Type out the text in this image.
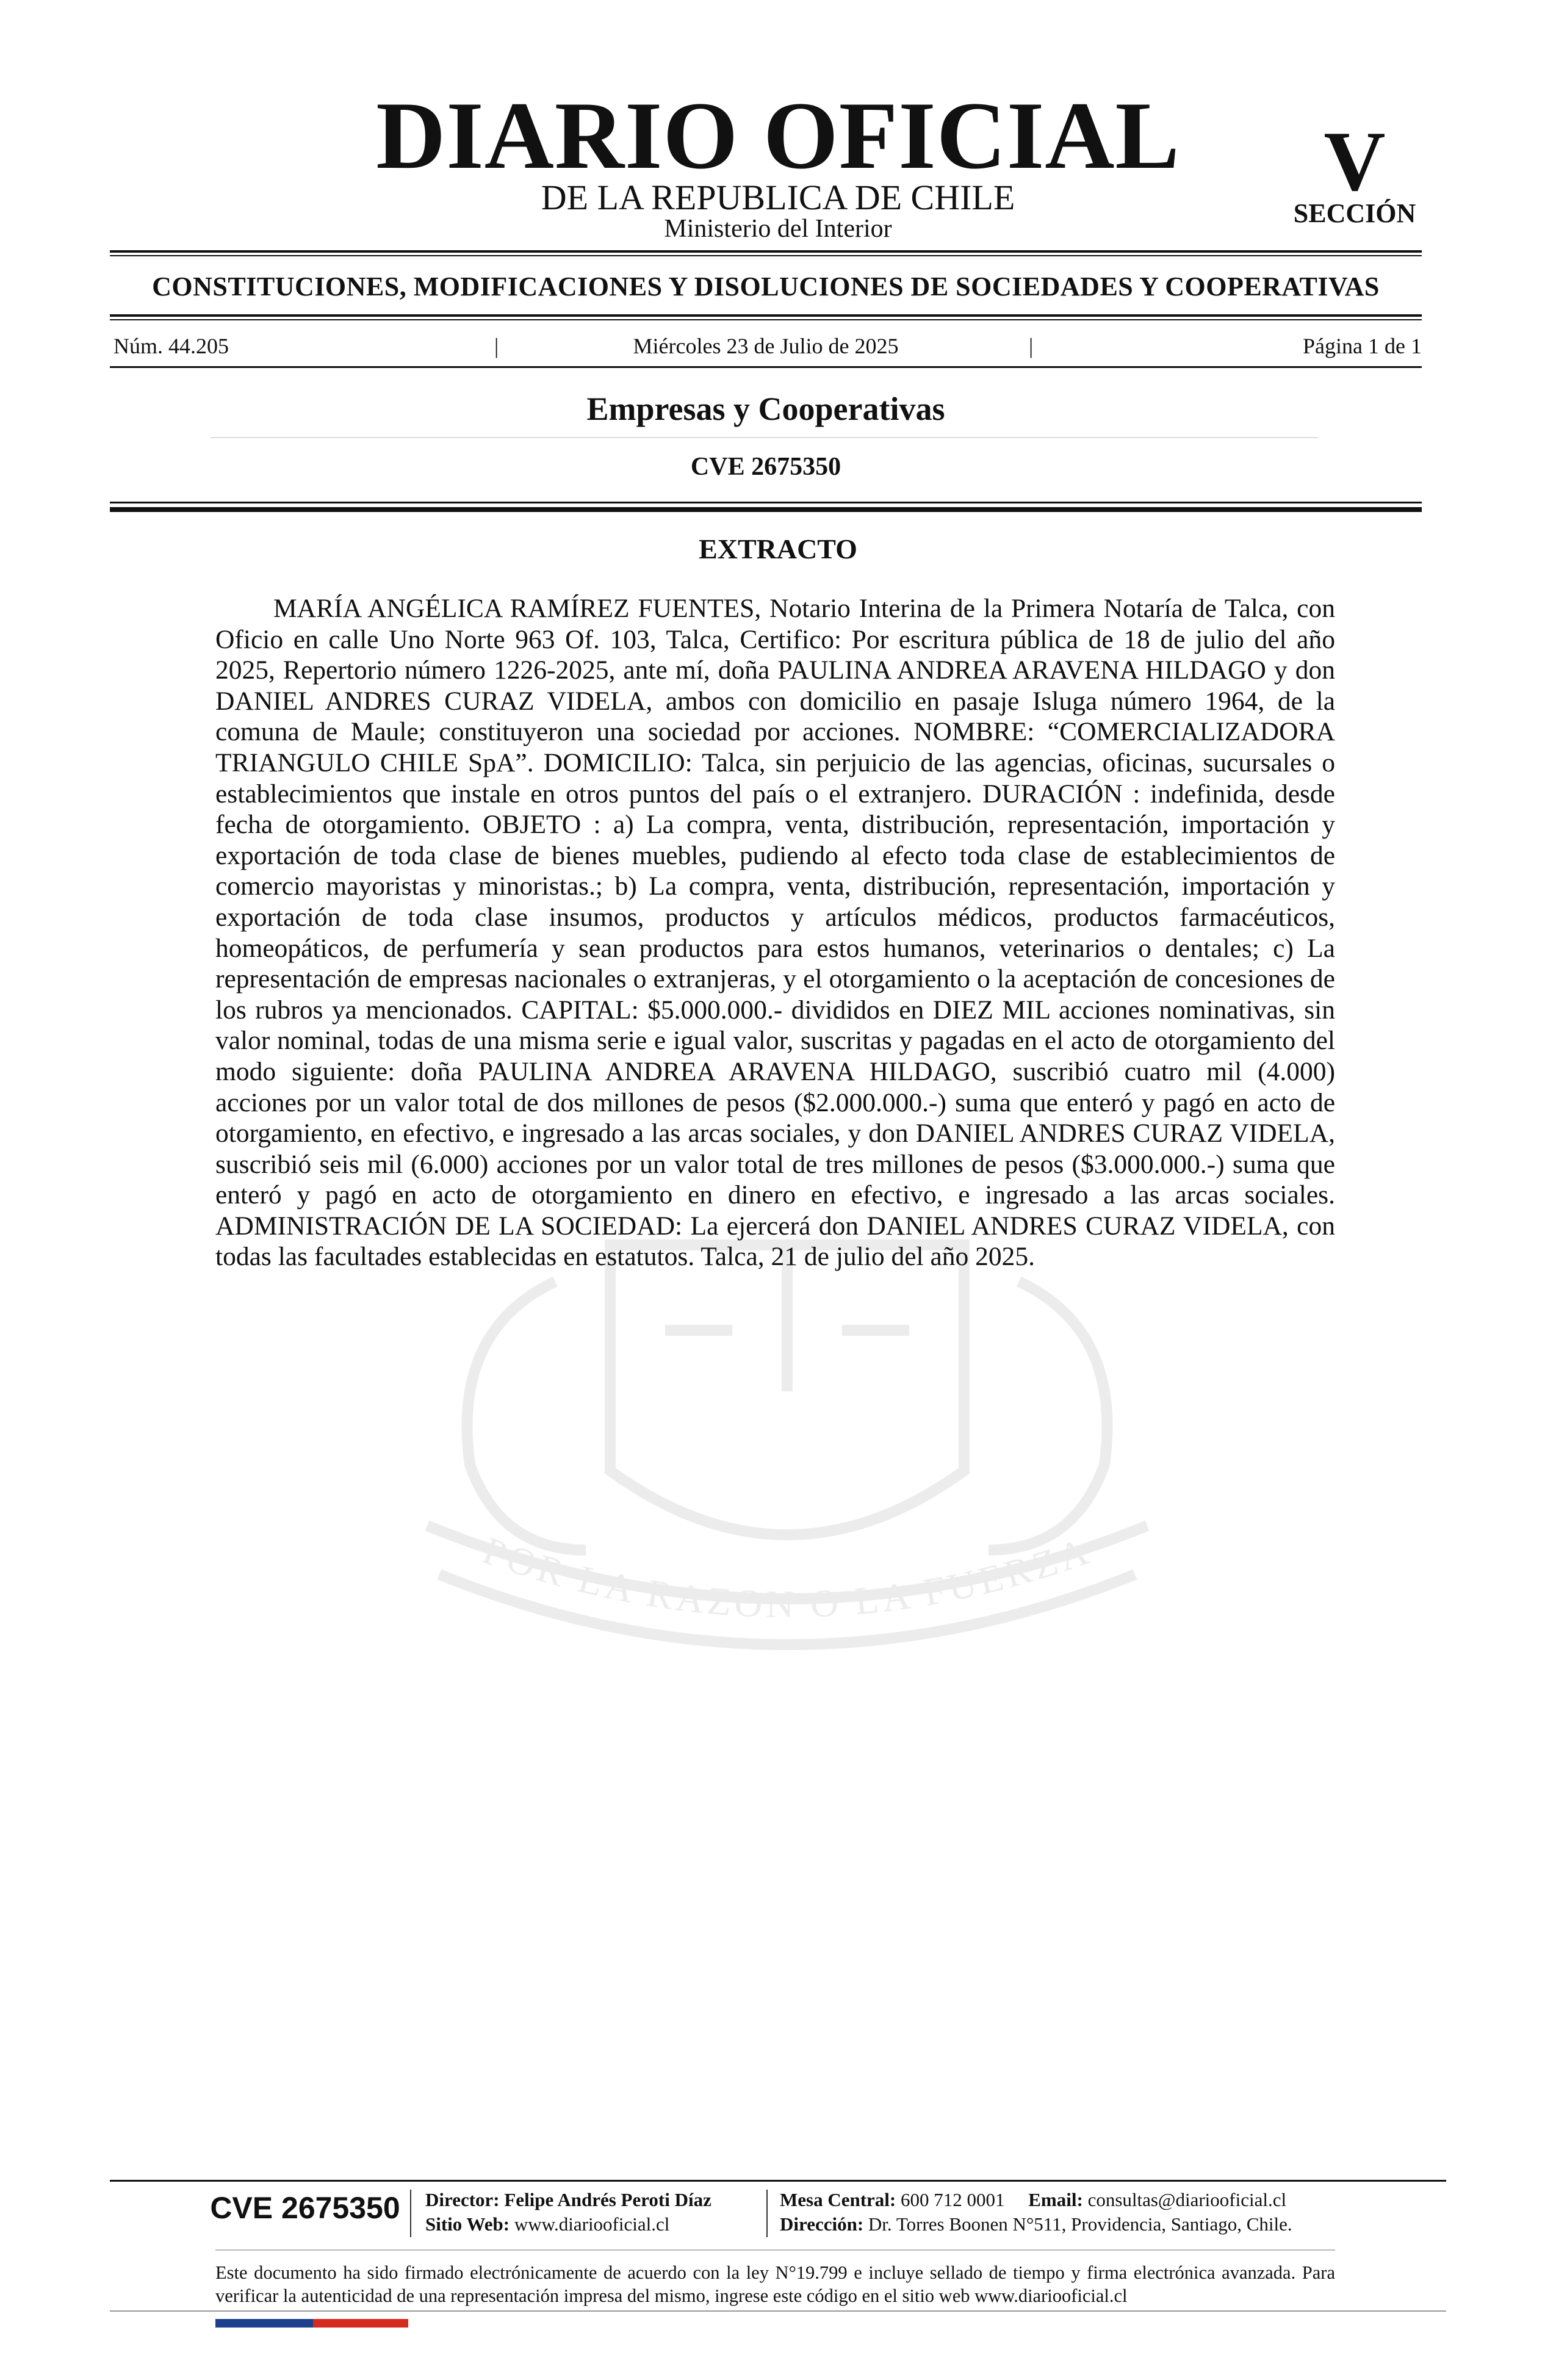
POR LA RAZON O LA FUERZA
DIARIO OFICIAL
DE LA REPUBLICA DE CHILE
Ministerio del Interior
V
SECCIÓN
CONSTITUCIONES, MODIFICACIONES Y DISOLUCIONES DE SOCIEDADES Y COOPERATIVAS
Núm. 44.205	|	Miércoles 23 de Julio de 2025	|	Página 1 de 1
Empresas y Cooperativas
CVE 2675350
EXTRACTO
MARÍA ANGÉLICA RAMÍREZ FUENTES, Notario Interina de la Primera Notaría de Talca, con Oficio en calle Uno Norte 963 Of. 103, Talca, Certifico: Por escritura pública de 18 de julio del año 2025, Repertorio número 1226-2025, ante mí, doña PAULINA ANDREA ARAVENA HILDAGO y don DANIEL ANDRES CURAZ VIDELA, ambos con domicilio en pasaje Isluga número 1964, de la comuna de Maule; constituyeron una sociedad por acciones. NOMBRE: “COMERCIALIZADORA TRIANGULO CHILE SpA”. DOMICILIO: Talca, sin perjuicio de las agencias, oficinas, sucursales o establecimientos que instale en otros puntos del país o el extranjero. DURACIÓN : indefinida, desde fecha de otorgamiento. OBJETO : a) La compra, venta, distribución, representación, importación y exportación de toda clase de bienes muebles, pudiendo al efecto toda clase de establecimientos de comercio mayoristas y minoristas.; b) La compra, venta, distribución, representación, importación y exportación de toda clase insumos, productos y artículos médicos, productos farmacéuticos, homeopáticos, de perfumería y sean productos para estos humanos, veterinarios o dentales; c) La representación de empresas nacionales o extranjeras, y el otorgamiento o la aceptación de concesiones de los rubros ya mencionados. CAPITAL: $5.000.000.- divididos en DIEZ MIL acciones nominativas, sin valor nominal, todas de una misma serie e igual valor, suscritas y pagadas en el acto de otorgamiento del modo siguiente: doña PAULINA ANDREA ARAVENA HILDAGO, suscribió cuatro mil (4.000) acciones por un valor total de dos millones de pesos ($2.000.000.-) suma que enteró y pagó en acto de otorgamiento, en efectivo, e ingresado a las arcas sociales, y don DANIEL ANDRES CURAZ VIDELA, suscribió seis mil (6.000) acciones por un valor total de tres millones de pesos ($3.000.000.-) suma que enteró y pagó en acto de otorgamiento en dinero en efectivo, e ingresado a las arcas sociales. ADMINISTRACIÓN DE LA SOCIEDAD: La ejercerá don DANIEL ANDRES CURAZ VIDELA, con todas las facultades establecidas en estatutos. Talca, 21 de julio del año 2025.
CVE 2675350 Director: Felipe Andrés Peroti Díaz
Sitio Web: www.diariooficial.cl
Mesa Central: 600 712 0001 Email: consultas@diariooficial.cl
Dirección: Dr. Torres Boonen N°511, Providencia, Santiago, Chile.
Este documento ha sido firmado electrónicamente de acuerdo con la ley N°19.799 e incluye sellado de tiempo y firma electrónica avanzada. Para verificar la autenticidad de una representación impresa del mismo, ingrese este código en el sitio web www.diariooficial.cl
